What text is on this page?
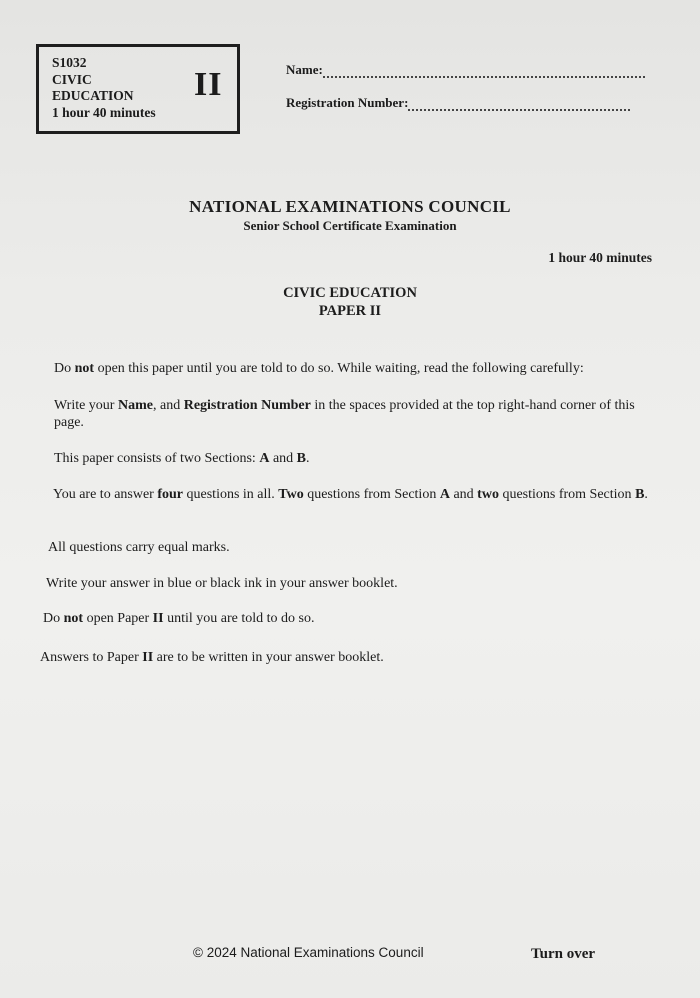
S1032
CIVIC
EDUCATION
1 hour 40 minutes
II	Name:
Registration Number:
NATIONAL EXAMINATIONS COUNCIL
Senior School Certificate Examination
1 hour 40 minutes
CIVIC EDUCATION
PAPER II
Do not open this paper until you are told to do so. While waiting, read the following carefully:
Write your Name, and Registration Number in the spaces provided at the top right-hand corner of this page.
This paper consists of two Sections: A and B.
You are to answer four questions in all. Two questions from Section A and two questions from Section B.
All questions carry equal marks.
Write your answer in blue or black ink in your answer booklet.
Do not open Paper II until you are told to do so.
Answers to Paper II are to be written in your answer booklet.
© 2024 National Examinations Council	Turn over
